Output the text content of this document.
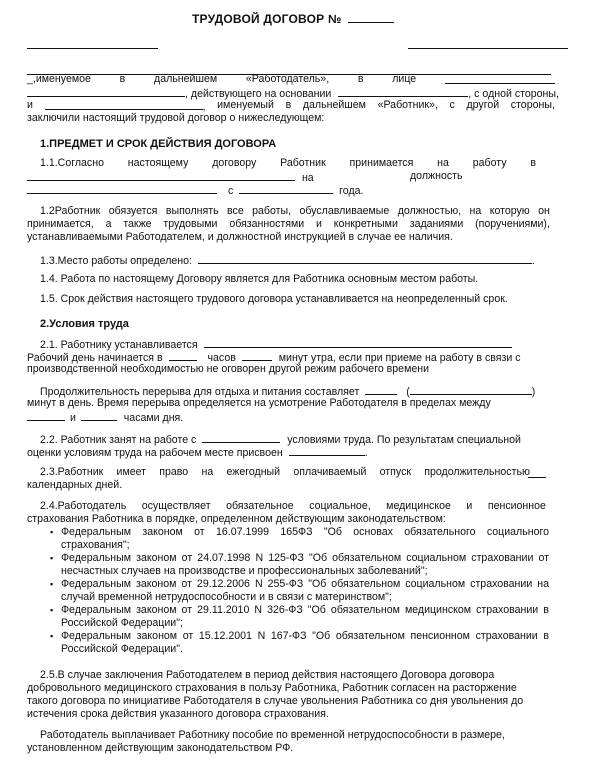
ТРУДОВОЙ ДОГОВОР №
_,именуемое	в	дальнейшем	«Работодатель»,	в	лице
, действующего на основании	, с одной стороны,
и	, именуемый в дальнейшем «Работник», с другой стороны,
заключили настоящий трудовой договор о нижеследующем:
1.ПРЕДМЕТ И СРОК ДЕЙСТВИЯ ДОГОВОРА
1.1.Согласно настоящему договору Работник принимается на работу в
на	должность
с	года.
1.2Работник обязуется выполнять все работы, обуславливаемые должностью, на которую он
принимается, а также трудовыми обязанностями и конкретными заданиями (поручениями),
устанавливаемыми Работодателем, и должностной инструкцией в случае ее наличия.
1.3.Место работы определено:	.
1.4. Работа по настоящему Договору является для Работника основным местом работы.
1.5. Срок действия настоящего трудового договора устанавливается на неопределенный срок.
2.Условия труда
2.1. Работнику устанавливается
Рабочий день начинается в	часов	минут утра, если при приеме на работу в связи с
производственной необходимостью не оговорен другой режим рабочего времени
Продолжительность перерыва для отдыха и питания составляет	(	)
минут в день. Время перерыва определяется на усмотрение Работодателя в пределах между
и	часами дня.
2.2. Работник занят на работе с	условиями труда. По результатам специальной
оценки условиям труда на рабочем месте присвоен	.
2.3.Работник имеет право на ежегодный оплачиваемый отпуск продолжительностью
календарных дней.
2.4.Работодатель осуществляет обязательное социальное, медицинское и пенсионное
страхования Работника в порядке, определенном действующим законодательством:
▪ Федеральным законом от 16.07.1999 165ФЗ "Об основах обязательного социального
страхования";
▪ Федеральным законом от 24.07.1998 N 125-ФЗ "Об обязательном социальном страховании от
несчастных случаев на производстве и профессиональных заболеваний";
▪ Федеральным законом от 29.12.2006 N 255-ФЗ "Об обязательном социальном страховании на
случай временной нетрудоспособности и в связи с материнством";
▪ Федеральным законом от 29.11.2010 N 326-ФЗ "Об обязательном медицинском страховании в
Российской Федерации";
▪ Федеральным законом от 15.12.2001 N 167-ФЗ "Об обязательном пенсионном страховании в
Российской Федерации".
2.5.В случае заключения Работодателем в период действия настоящего Договора договора
добровольного медицинского страхования в пользу Работника, Работник согласен на расторжение
такого договора по инициативе Работодателя в случае увольнения Работника со дня увольнения до
истечения срока действия указанного договора страхования.
Работодатель выплачивает Работнику пособие по временной нетрудоспособности в размере,
установленном действующим законодательством РФ.
